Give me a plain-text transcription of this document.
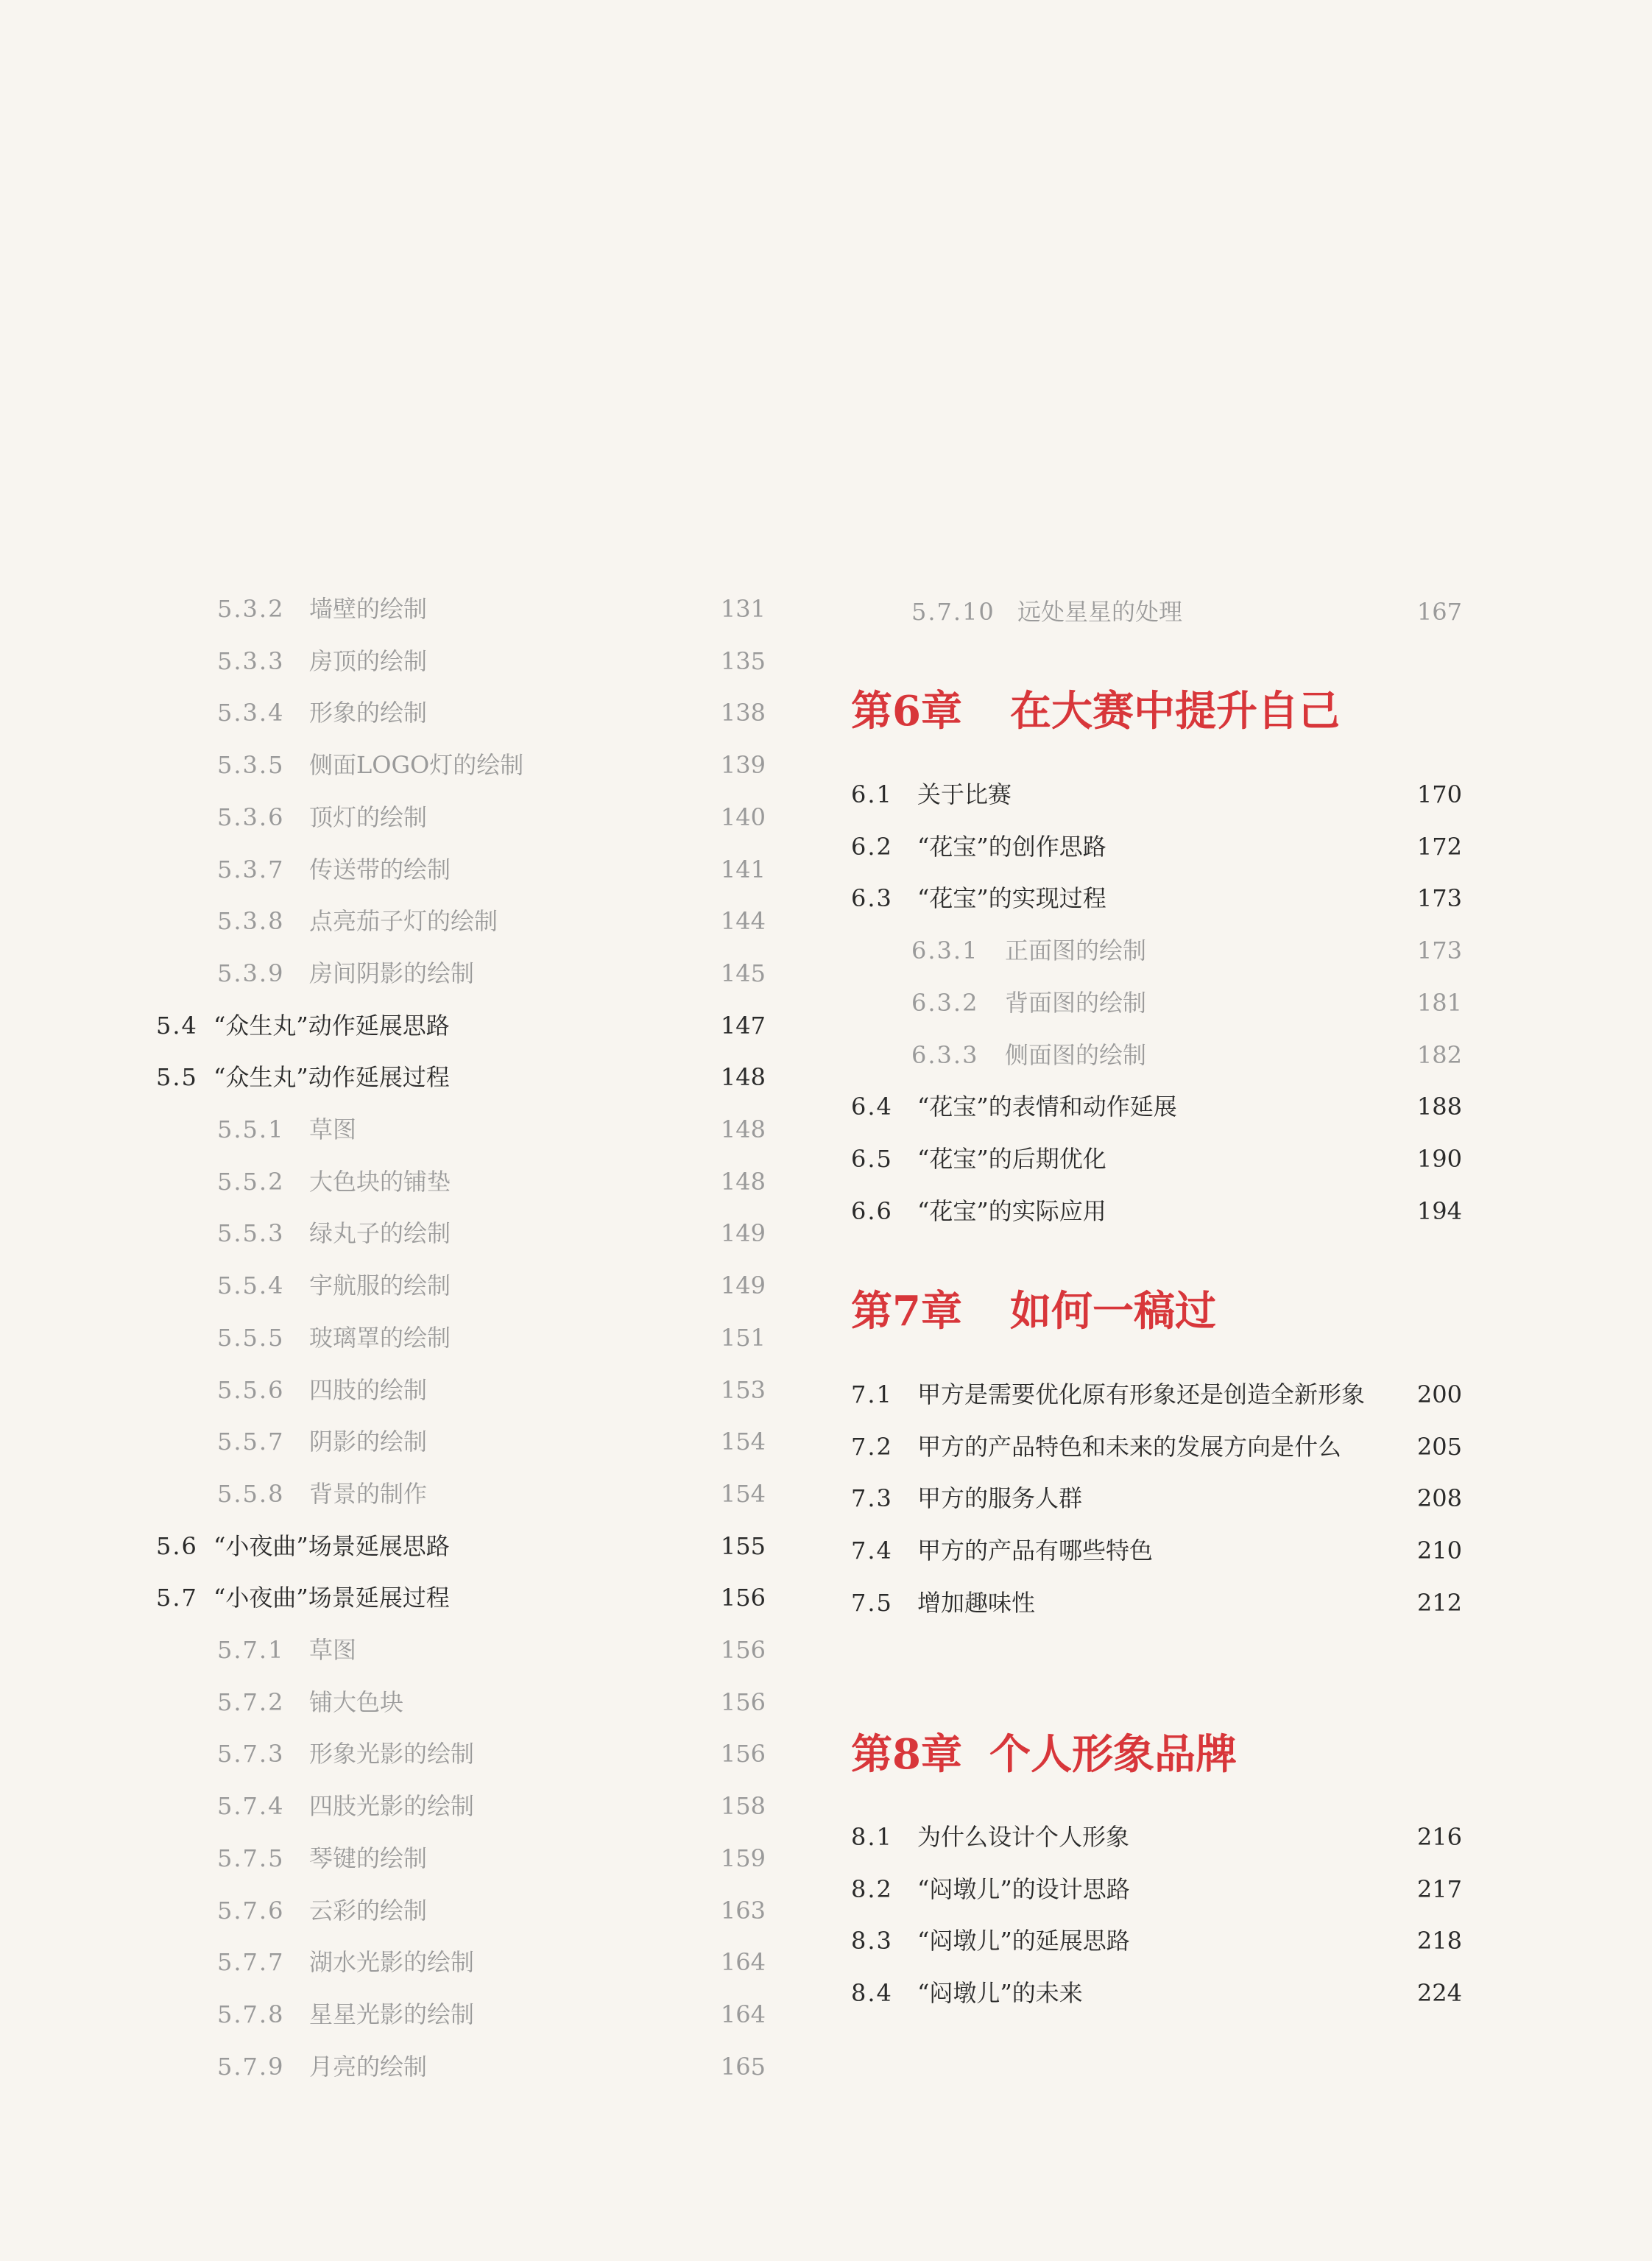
5.3.2 墙壁的绘制	131
5.3.3 房顶的绘制	135
5.3.4 形象的绘制	138
5.3.5 侧面LOGO灯的绘制	139
5.3.6 顶灯的绘制	140
5.3.7 传送带的绘制	141
5.3.8 点亮茄子灯的绘制	144
5.3.9 房间阴影的绘制	145
5.4 “众生丸”动作延展思路	147
5.5 “众生丸”动作延展过程	148
5.5.1 草图	148
5.5.2 大色块的铺垫	148
5.5.3 绿丸子的绘制	149
5.5.4 宇航服的绘制	149
5.5.5 玻璃罩的绘制	151
5.5.6 四肢的绘制	153
5.5.7 阴影的绘制	154
5.5.8 背景的制作	154
5.6 “小夜曲”场景延展思路	155
5.7 “小夜曲”场景延展过程	156
5.7.1 草图	156
5.7.2 铺大色块	156
5.7.3 形象光影的绘制	156
5.7.4 四肢光影的绘制	158
5.7.5 琴键的绘制	159
5.7.6 云彩的绘制	163
5.7.7 湖水光影的绘制	164
5.7.8 星星光影的绘制	164
5.7.9 月亮的绘制	165
5.7.10 远处星星的处理	167
第6章 在大赛中提升自己
6.1 关于比赛	170
6.2 “花宝”的创作思路	172
6.3 “花宝”的实现过程	173
6.3.1 正面图的绘制	173
6.3.2 背面图的绘制	181
6.3.3 侧面图的绘制	182
6.4 “花宝”的表情和动作延展	188
6.5 “花宝”的后期优化	190
6.6 “花宝”的实际应用	194
第7章 如何一稿过
7.1 甲方是需要优化原有形象还是创造全新形象	200
7.2 甲方的产品特色和未来的发展方向是什么	205
7.3 甲方的服务人群	208
7.4 甲方的产品有哪些特色	210
7.5 增加趣味性	212
第8章 个人形象品牌
8.1 为什么设计个人形象	216
8.2 “闷墩儿”的设计思路	217
8.3 “闷墩儿”的延展思路	218
8.4 “闷墩儿”的未来	224
